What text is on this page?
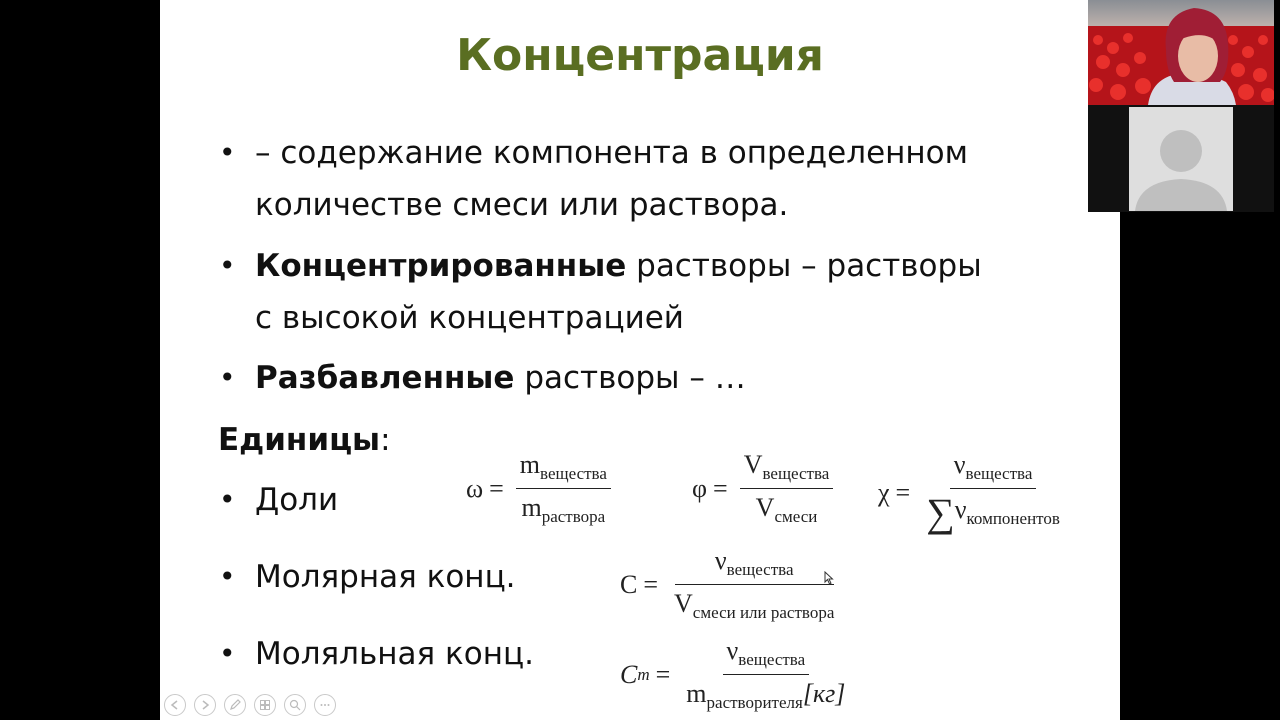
Концентрация
• – содержание компонента в определенном
количестве смеси или раствора.
• Концентрированные растворы – растворы
с высокой концентрацией
• Разбавленные растворы – …
Единицы:
• Доли
• Молярная конц.
• Моляльная конц.
$\omega = \frac{\text{mвещества}}{\text{mраствора}}$	$\varphi = \frac{\text{Vвещества}}{\text{Vсмеси}}$ $\chi = \frac{\text{νвещества}}{\text{∑νкомпонентов}}$
$C = \frac{\text{νвещества}}{\text{Vсмеси или раствора}}$
C $m = \frac{\text{νвещества}}{\text{mрастворителя[кг]}}$
